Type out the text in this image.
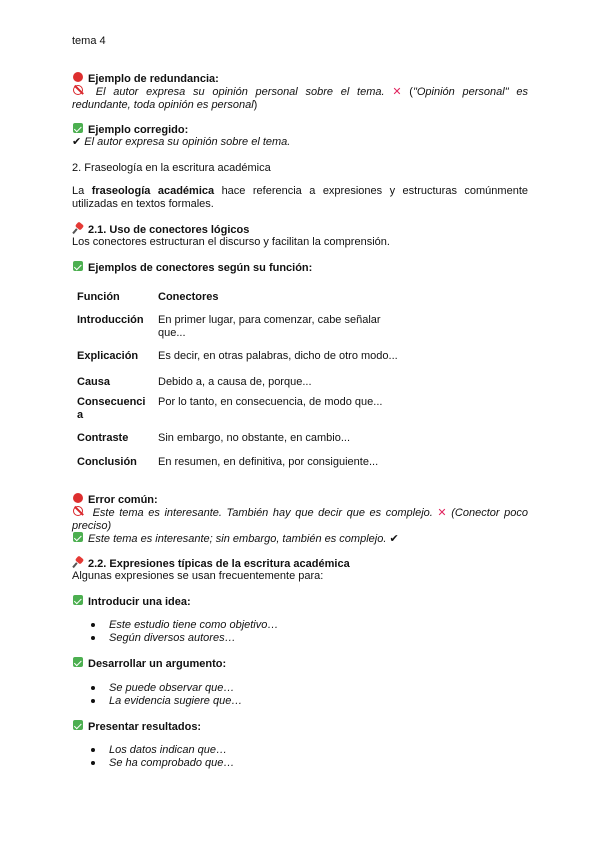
tema 4
Ejemplo de redundancia:
El autor expresa su opinión personal sobre el tema. ✕ ("Opinión personal" es redundante, toda opinión es personal)
Ejemplo corregido:
✔ El autor expresa su opinión sobre el tema.
2. Fraseología en la escritura académica
La fraseología académica hace referencia a expresiones y estructuras comúnmente utilizadas en textos formales.
2.1. Uso de conectores lógicos
Los conectores estructuran el discurso y facilitan la comprensión.
Ejemplos de conectores según su función:
Función	Conectores
Introducción	En primer lugar, para comenzar, cabe señalar que...
Explicación	Es decir, en otras palabras, dicho de otro modo...
Causa	Debido a, a causa de, porque...
Consecuencia	Por lo tanto, en consecuencia, de modo que...
Contraste	Sin embargo, no obstante, en cambio...
Conclusión	En resumen, en definitiva, por consiguiente...
Error común:
Este tema es interesante. También hay que decir que es complejo. ✕ (Conector poco preciso)
Este tema es interesante; sin embargo, también es complejo. ✔
2.2. Expresiones típicas de la escritura académica
Algunas expresiones se usan frecuentemente para:
Introducir una idea:
Este estudio tiene como objetivo…
Según diversos autores…
Desarrollar un argumento:
Se puede observar que…
La evidencia sugiere que…
Presentar resultados:
Los datos indican que…
Se ha comprobado que…
